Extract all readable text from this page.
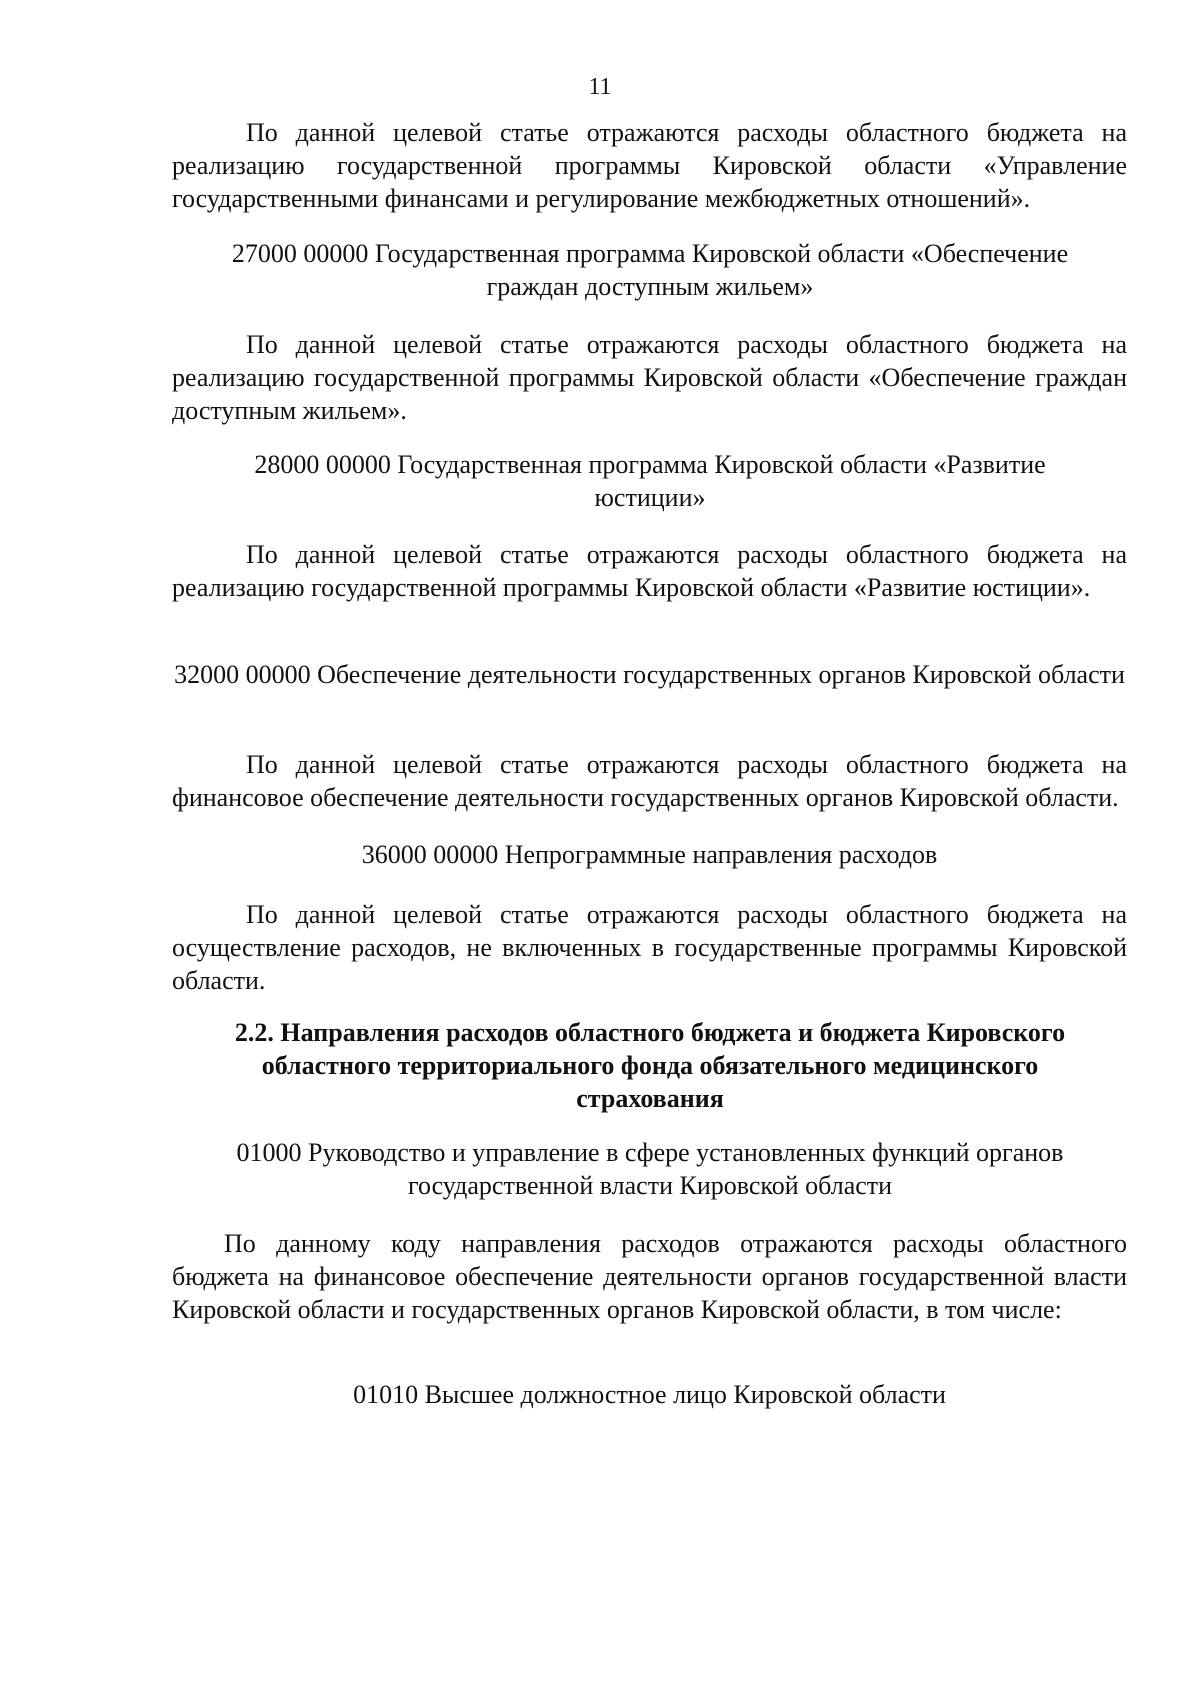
11

По данной целевой статье отражаются расходы областного бюджета на реализацию государственной программы Кировской области «Управление государственными финансами и регулирование межбюджетных отношений».

27000 00000 Государственная программа Кировской области «Обеспечение граждан доступным жильем»

По данной целевой статье отражаются расходы областного бюджета на реализацию государственной программы Кировской области «Обеспечение граждан доступным жильем».

28000 00000 Государственная программа Кировской области «Развитие юстиции»

По данной целевой статье отражаются расходы областного бюджета на реализацию государственной программы Кировской области «Развитие юстиции».

32000 00000 Обеспечение деятельности государственных органов Кировской области

По данной целевой статье отражаются расходы областного бюджета на финансовое обеспечение деятельности государственных органов Кировской области.

36000 00000 Непрограммные направления расходов

По данной целевой статье отражаются расходы областного бюджета на осуществление расходов, не включенных в государственные программы Кировской области.

2.2. Направления расходов областного бюджета и бюджета Кировского областного территориального фонда обязательного медицинского страхования

01000 Руководство и управление в сфере установленных функций органов государственной власти Кировской области

По данному коду направления расходов отражаются расходы областного бюджета на финансовое обеспечение деятельности органов государственной власти Кировской области и государственных органов Кировской области, в том числе:

01010 Высшее должностное лицо Кировской области
